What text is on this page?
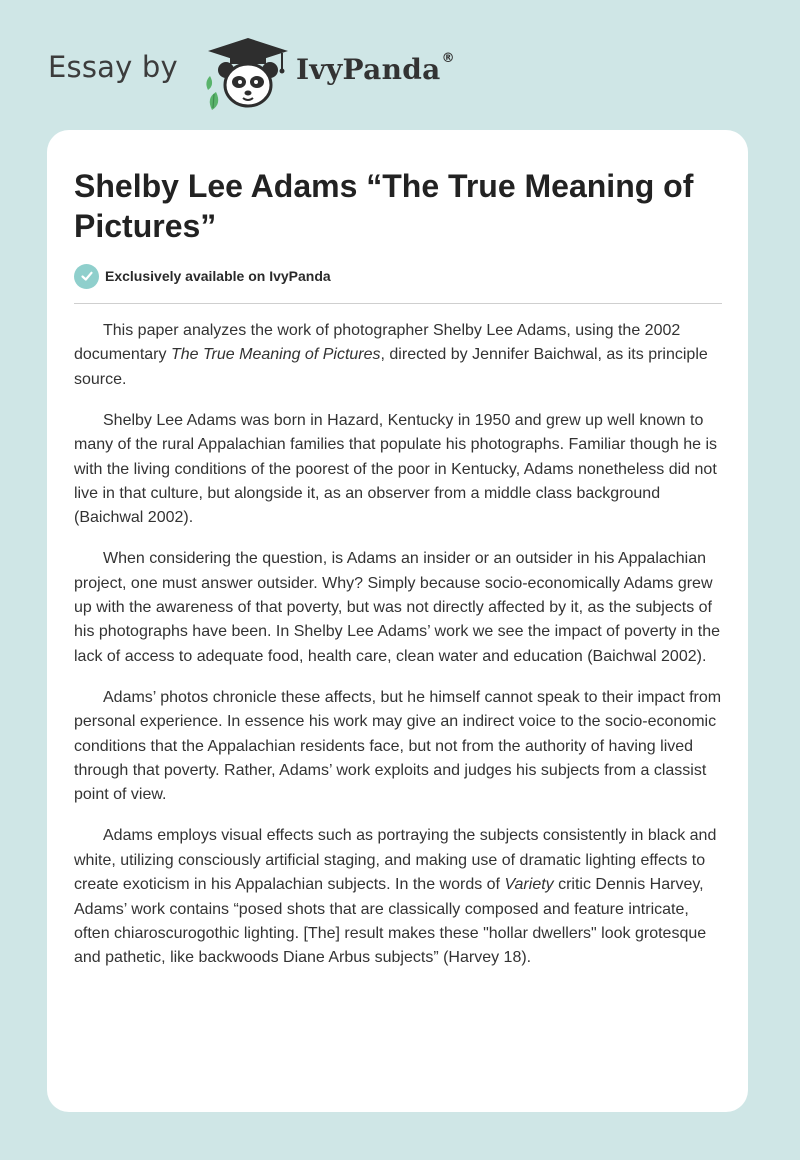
Essay by	IvyPanda®
Shelby Lee Adams “The True Meaning of Pictures”
Exclusively available on IvyPanda

This paper analyzes the work of photographer Shelby Lee Adams, using the 2002 documentary The True Meaning of Pictures, directed by Jennifer Baichwal, as its principle source.

Shelby Lee Adams was born in Hazard, Kentucky in 1950 and grew up well known to many of the rural Appalachian families that populate his photographs. Familiar though he is with the living conditions of the poorest of the poor in Kentucky, Adams nonetheless did not live in that culture, but alongside it, as an observer from a middle class background (Baichwal 2002).

When considering the question, is Adams an insider or an outsider in his Appalachian project, one must answer outsider. Why? Simply because socio-economically Adams grew up with the awareness of that poverty, but was not directly affected by it, as the subjects of his photographs have been. In Shelby Lee Adams’ work we see the impact of poverty in the lack of access to adequate food, health care, clean water and education (Baichwal 2002).

Adams’ photos chronicle these affects, but he himself cannot speak to their impact from personal experience. In essence his work may give an indirect voice to the socio-economic conditions that the Appalachian residents face, but not from the authority of having lived through that poverty. Rather, Adams’ work exploits and judges his subjects from a classist point of view.

Adams employs visual effects such as portraying the subjects consistently in black and white, utilizing consciously artificial staging, and making use of dramatic lighting effects to create exoticism in his Appalachian subjects. In the words of Variety critic Dennis Harvey, Adams’ work contains “posed shots that are classically composed and feature intricate, often chiaroscurogothic lighting. [The] result makes these "hollar dwellers" look grotesque and pathetic, like backwoods Diane Arbus subjects” (Harvey 18).
